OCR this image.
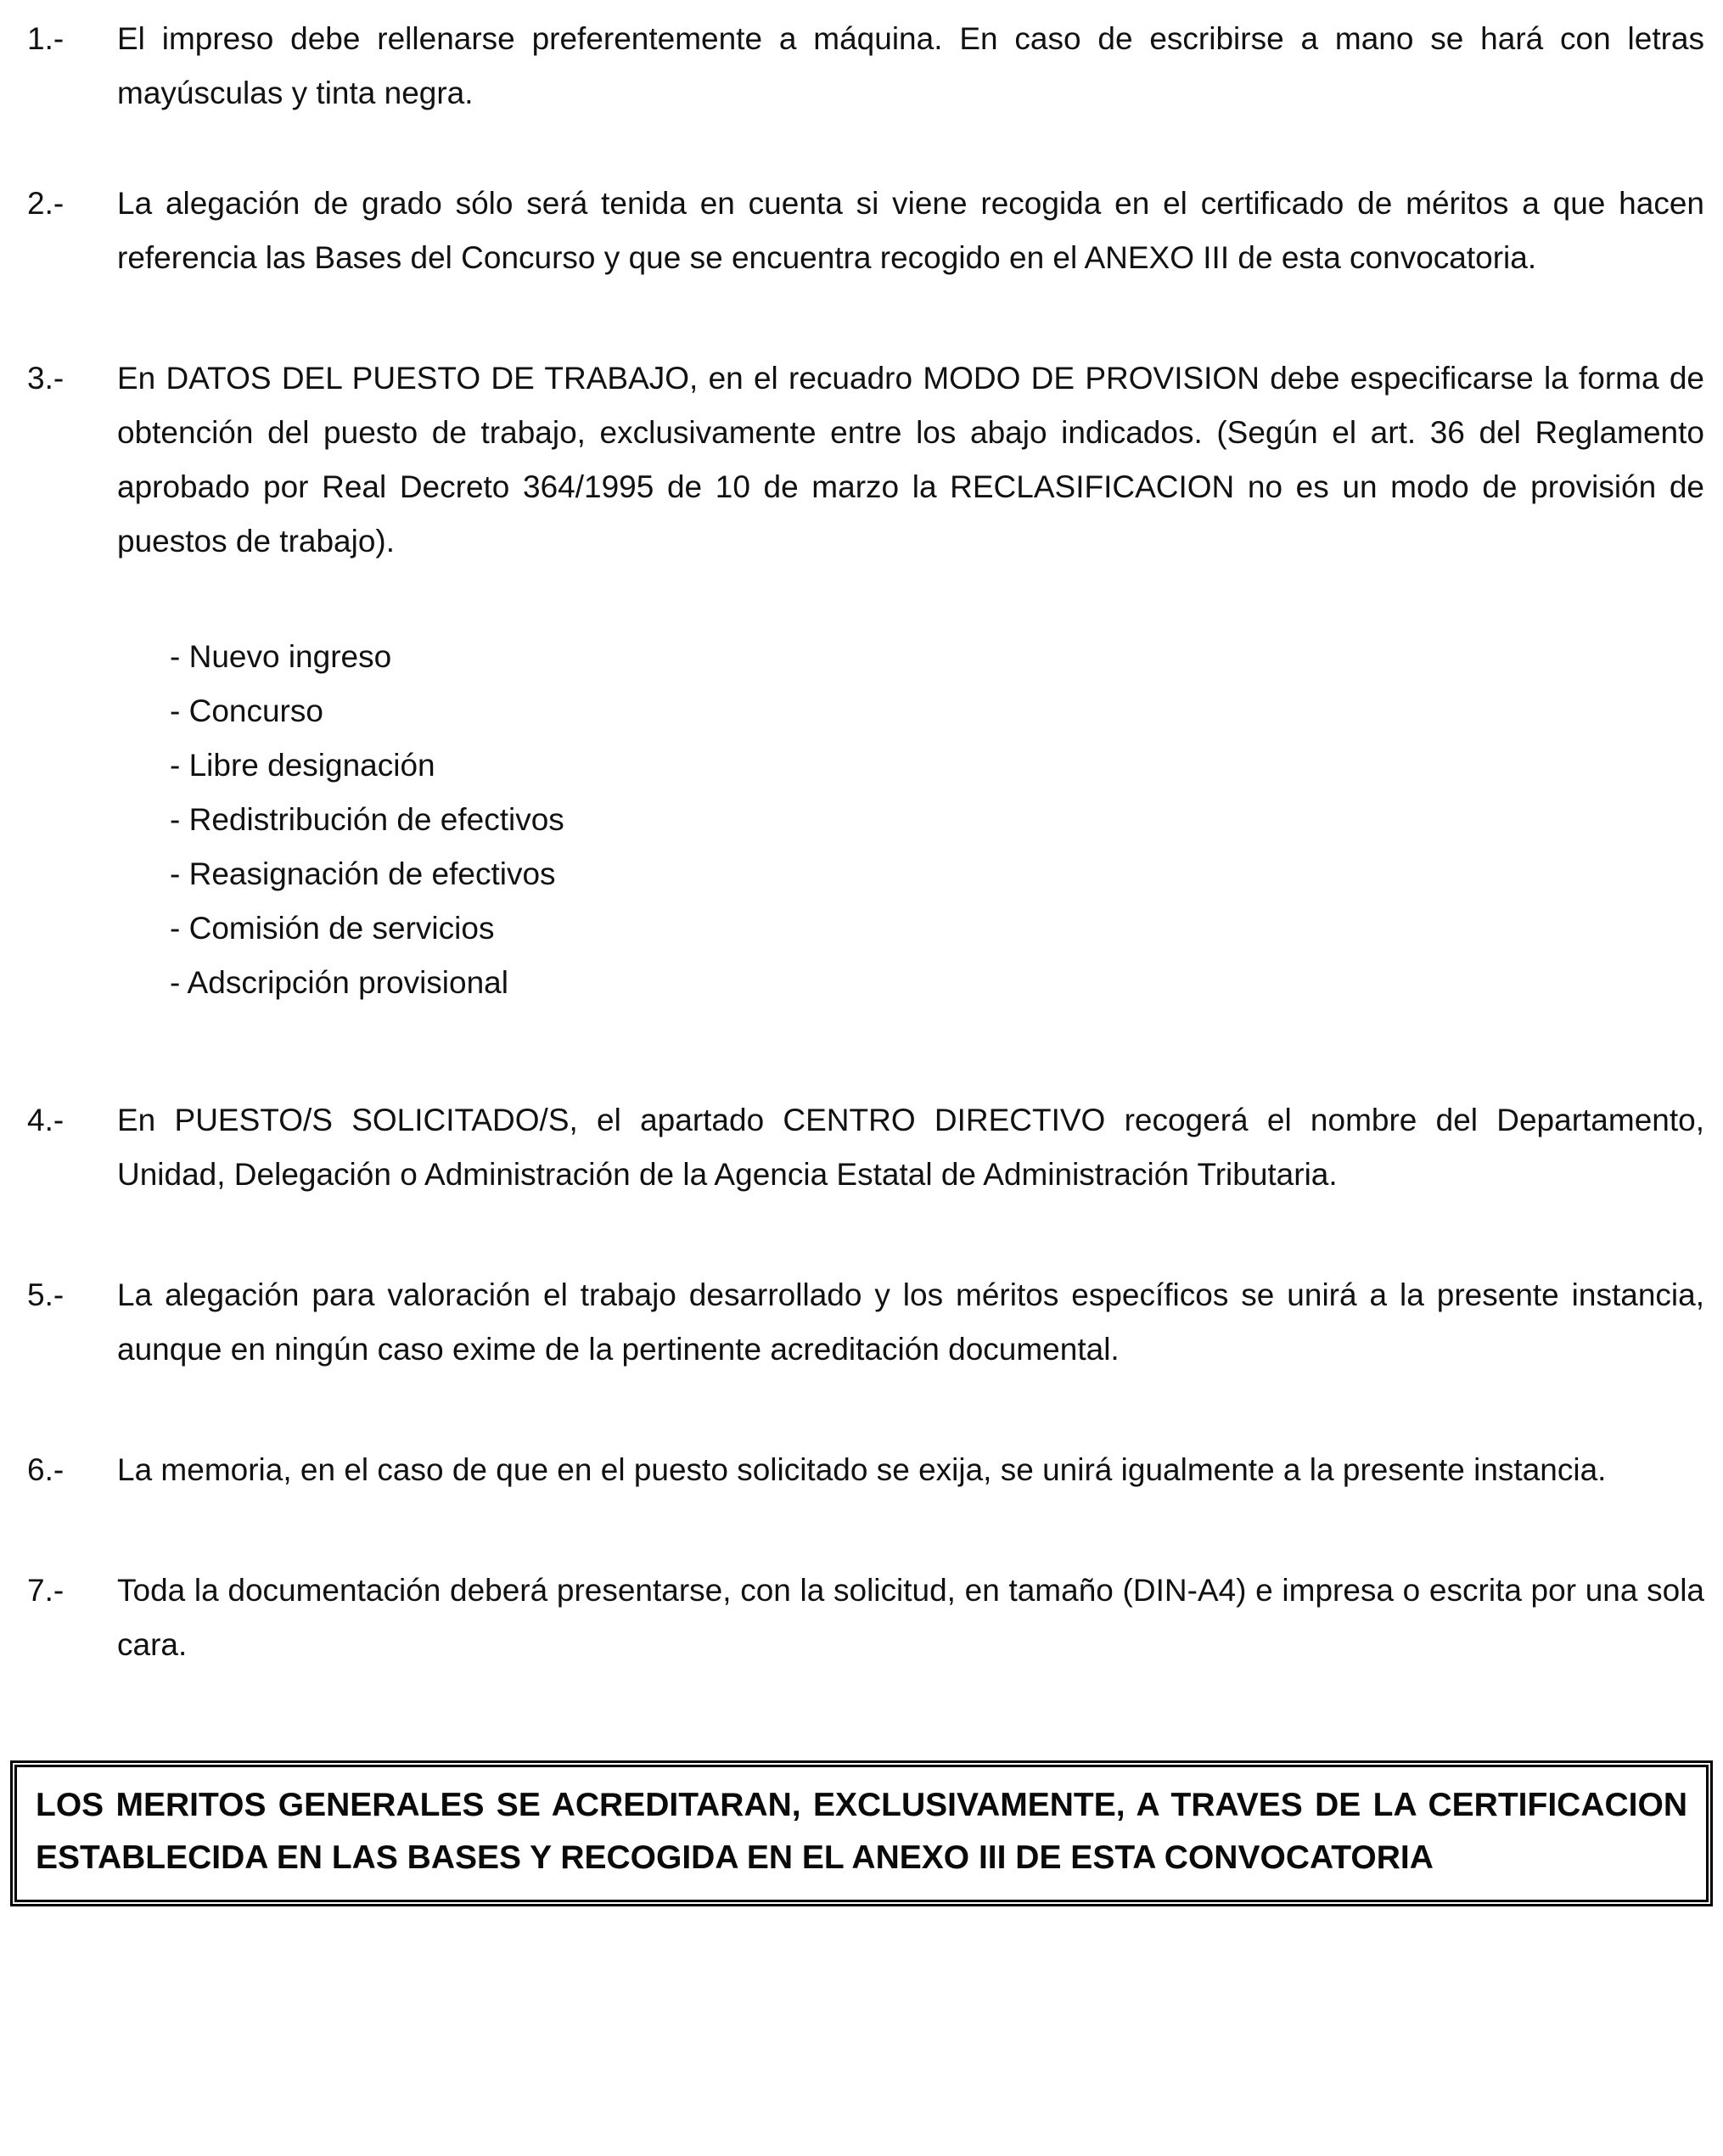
1.-	El impreso debe rellenarse preferentemente a máquina. En caso de escribirse a mano se hará con letras mayúsculas y tinta negra.
2.-	La alegación de grado sólo será tenida en cuenta si viene recogida en el certificado de méritos a que hacen referencia las Bases del Concurso y que se encuentra recogido en el ANEXO III de esta convocatoria.
3.-	En DATOS DEL PUESTO DE TRABAJO, en el recuadro MODO DE PROVISION debe especificarse la forma de obtención del puesto de trabajo, exclusivamente entre los abajo indicados. (Según el art. 36 del Reglamento aprobado por Real Decreto 364/1995 de 10 de marzo la RECLASIFICACION no es un modo de provisión de puestos de trabajo).
- Nuevo ingreso
- Concurso
- Libre designación
- Redistribución de efectivos
- Reasignación de efectivos
- Comisión de servicios
- Adscripción provisional
4.-	En PUESTO/S SOLICITADO/S, el apartado CENTRO DIRECTIVO recogerá el nombre del Departamento, Unidad, Delegación o Administración de la Agencia Estatal de Administración Tributaria.
5.-	La alegación para valoración el trabajo desarrollado y los méritos específicos se unirá a la presente instancia, aunque en ningún caso exime de la pertinente acreditación documental.
6.-	La memoria, en el caso de que en el puesto solicitado se exija, se unirá igualmente a la presente instancia.
7.-	Toda la documentación deberá presentarse, con la solicitud, en tamaño (DIN-A4) e impresa o escrita por una sola cara.
LOS MERITOS GENERALES SE ACREDITARAN, EXCLUSIVAMENTE, A TRAVES DE LA CERTIFICACION ESTABLECIDA EN LAS BASES Y RECOGIDA EN EL ANEXO III DE ESTA CONVOCATORIA
